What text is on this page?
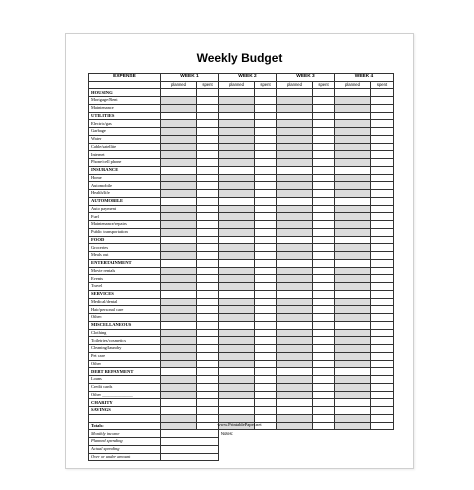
Weekly Budget
EXPENSE	WEEK 1		WEEK 2		WEEK 3		WEEK 4	
	planned	spent	planned	spent	planned	spent	planned	spent
HOUSING								
Mortgage/Rent								
Maintenance								
UTILITIES								
Electric/gas								
Garbage								
Water								
Cable/satellite								
Internet								
Phone/cell phone								
INSURANCE								
Home								
Automobile								
Health/life								
AUTOMOBILE								
Auto payment								
Fuel								
Maintenance/repairs								
Public transportation								
FOOD								
Groceries								
Meals out								
ENTERTAINMENT								
Movie rentals								
Events								
Travel								
SERVICES								
Medical/dental								
Hair/personal care								
Other:								
MISCELLANEOUS								
Clothing								
Toiletries/cosmetics								
Cleaning/laundry								
Pet care								
Other								
DEBT REPAYMENT								
Loans								
Credit cards								
Other ______________								
CHARITY								
SAVINGS								

Totals:								
Monthly income			Notes:					
Planned spending								
Actual spending								
Over or under amount								
www.PrintablePaper.net
